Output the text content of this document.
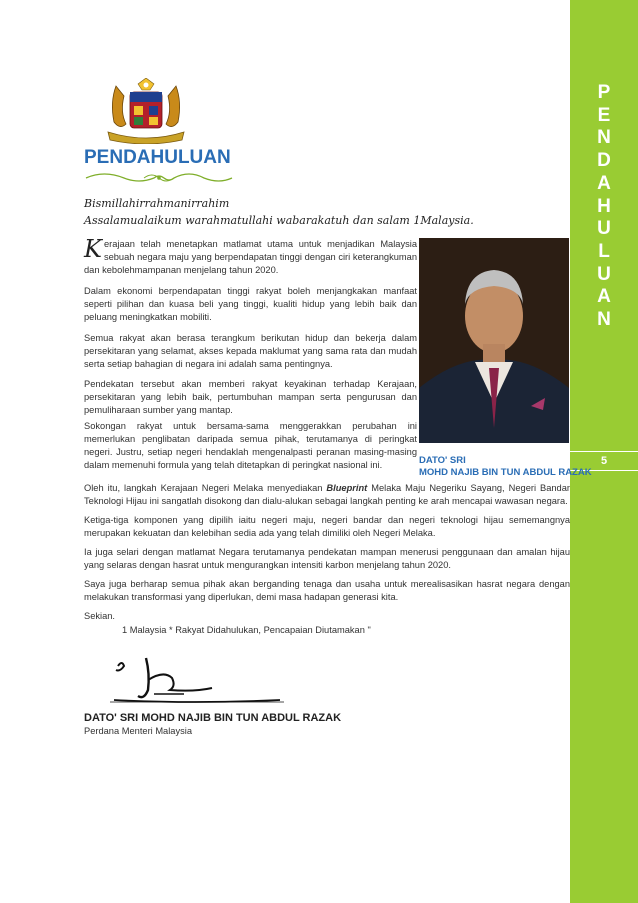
P
E
N
D
A
H
U
L
U
A
N
5
PENDAHULUAN

Bismillahirrahmanirrahim

Assalamualaikum warahmatullahi wabarakatuh dan salam 1Malaysia.

Kerajaan telah menetapkan matlamat utama untuk menjadikan Malaysia sebuah negara maju yang berpendapatan tinggi dengan ciri keterangkuman dan kebolehmampanan menjelang tahun 2020.

Dalam ekonomi berpendapatan tinggi rakyat boleh menjangkakan manfaat seperti pilihan dan kuasa beli yang tinggi, kualiti hidup yang lebih baik dan peluang meningkatkan mobiliti.

Semua rakyat akan berasa terangkum berikutan hidup dan bekerja dalam persekitaran yang selamat, akses kepada maklumat yang sama rata dan mudah serta setiap bahagian di negara ini adalah sama pentingnya.

Pendekatan tersebut akan memberi rakyat keyakinan terhadap Kerajaan, persekitaran yang lebih baik, pertumbuhan mampan serta pengurusan dan pemuliharaan sumber yang mantap.

Sokongan rakyat untuk bersama-sama menggerakkan perubahan ini memerlukan penglibatan daripada semua pihak, terutamanya di peringkat negeri. Justru, setiap negeri hendaklah mengenalpasti peranan masing-masing dalam memenuhi formula yang telah ditetapkan di peringkat nasional ini.	DATO' SRI
MOHD NAJIB BIN TUN ABDUL RAZAK

Oleh itu, langkah Kerajaan Negeri Melaka menyediakan Blueprint Melaka Maju Negeriku Sayang, Negeri Bandar Teknologi Hijau ini sangatlah disokong dan dialu-alukan sebagai langkah penting ke arah mencapai wawasan negara.

Ketiga-tiga komponen yang dipilih iaitu negeri maju, negeri bandar dan negeri teknologi hijau sememangnya merupakan kekuatan dan kelebihan sedia ada yang telah dimiliki oleh Negeri Melaka.

Ia juga selari dengan matlamat Negara terutamanya pendekatan mampan menerusi penggunaan dan amalan hijau yang selaras dengan hasrat untuk mengurangkan intensiti karbon menjelang tahun 2020.

Saya juga berharap semua pihak akan berganding tenaga dan usaha untuk merealisasikan hasrat negara dengan melakukan transformasi yang diperlukan, demi masa hadapan generasi kita.

Sekian.

1 Malaysia * Rakyat Didahulukan, Pencapaian Diutamakan "

DATO' SRI MOHD NAJIB BIN TUN ABDUL RAZAK

Perdana Menteri Malaysia
